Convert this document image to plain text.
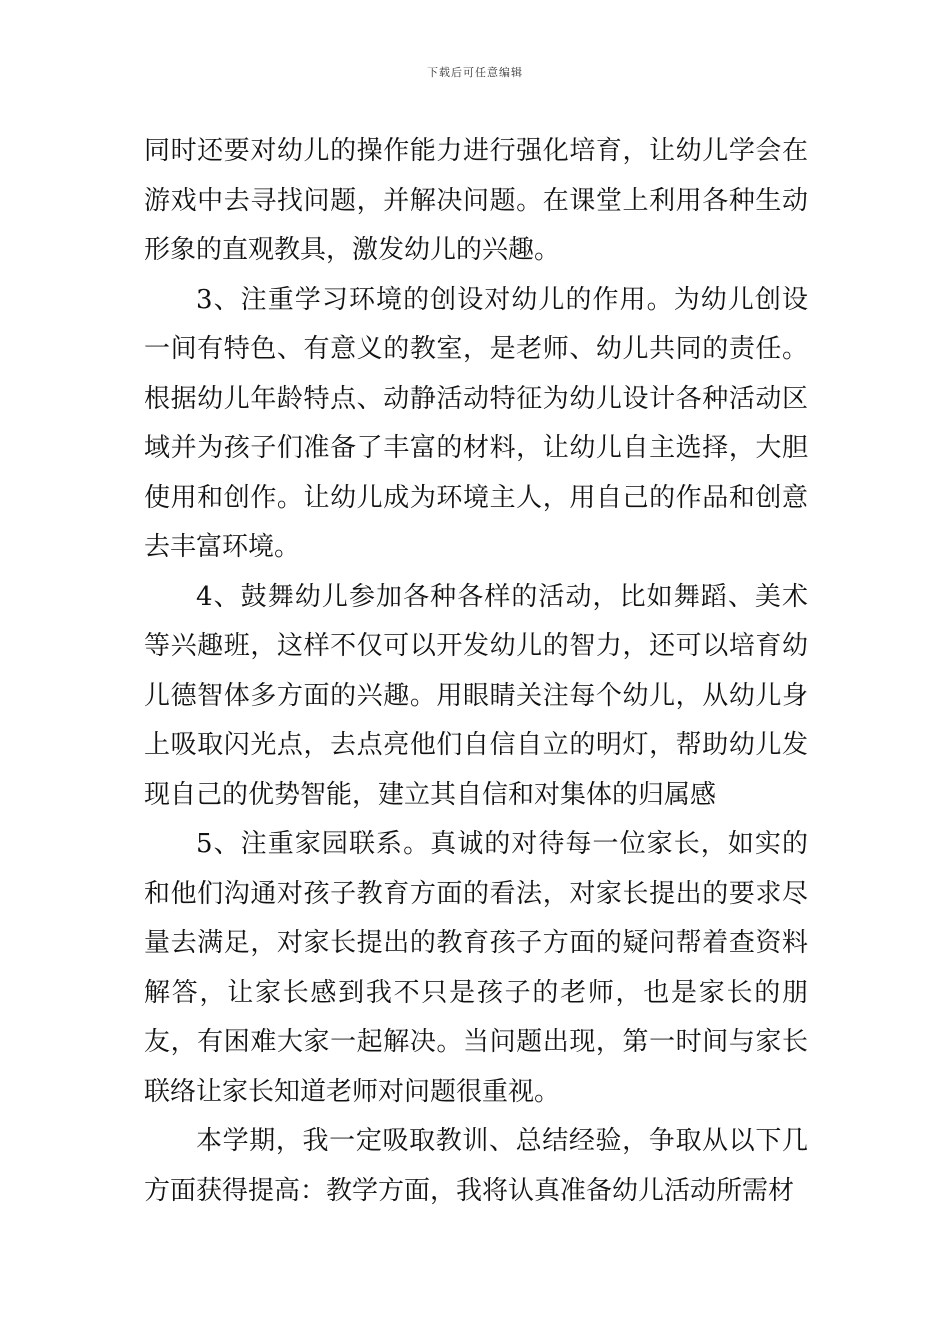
下载后可任意编辑

同时还要对幼儿的操作能力进行强化培育，让幼儿学会在游戏中去寻找问题，并解决问题。在课堂上利用各种生动形象的直观教具，激发幼儿的兴趣。

3、注重学习环境的创设对幼儿的作用。为幼儿创设一间有特色、有意义的教室，是老师、幼儿共同的责任。根据幼儿年龄特点、动静活动特征为幼儿设计各种活动区域并为孩子们准备了丰富的材料，让幼儿自主选择，大胆使用和创作。让幼儿成为环境主人，用自己的作品和创意去丰富环境。

4、鼓舞幼儿参加各种各样的活动，比如舞蹈、美术等兴趣班，这样不仅可以开发幼儿的智力，还可以培育幼儿德智体多方面的兴趣。用眼睛关注每个幼儿，从幼儿身上吸取闪光点，去点亮他们自信自立的明灯，帮助幼儿发现自己的优势智能，建立其自信和对集体的归属感

5、注重家园联系。真诚的对待每一位家长，如实的和他们沟通对孩子教育方面的看法，对家长提出的要求尽量去满足，对家长提出的教育孩子方面的疑问帮着查资料解答，让家长感到我不只是孩子的老师，也是家长的朋友，有困难大家一起解决。当问题出现，第一时间与家长联络让家长知道老师对问题很重视。

本学期，我一定吸取教训、总结经验，争取从以下几方面获得提高：教学方面，我将认真准备幼儿活动所需材
